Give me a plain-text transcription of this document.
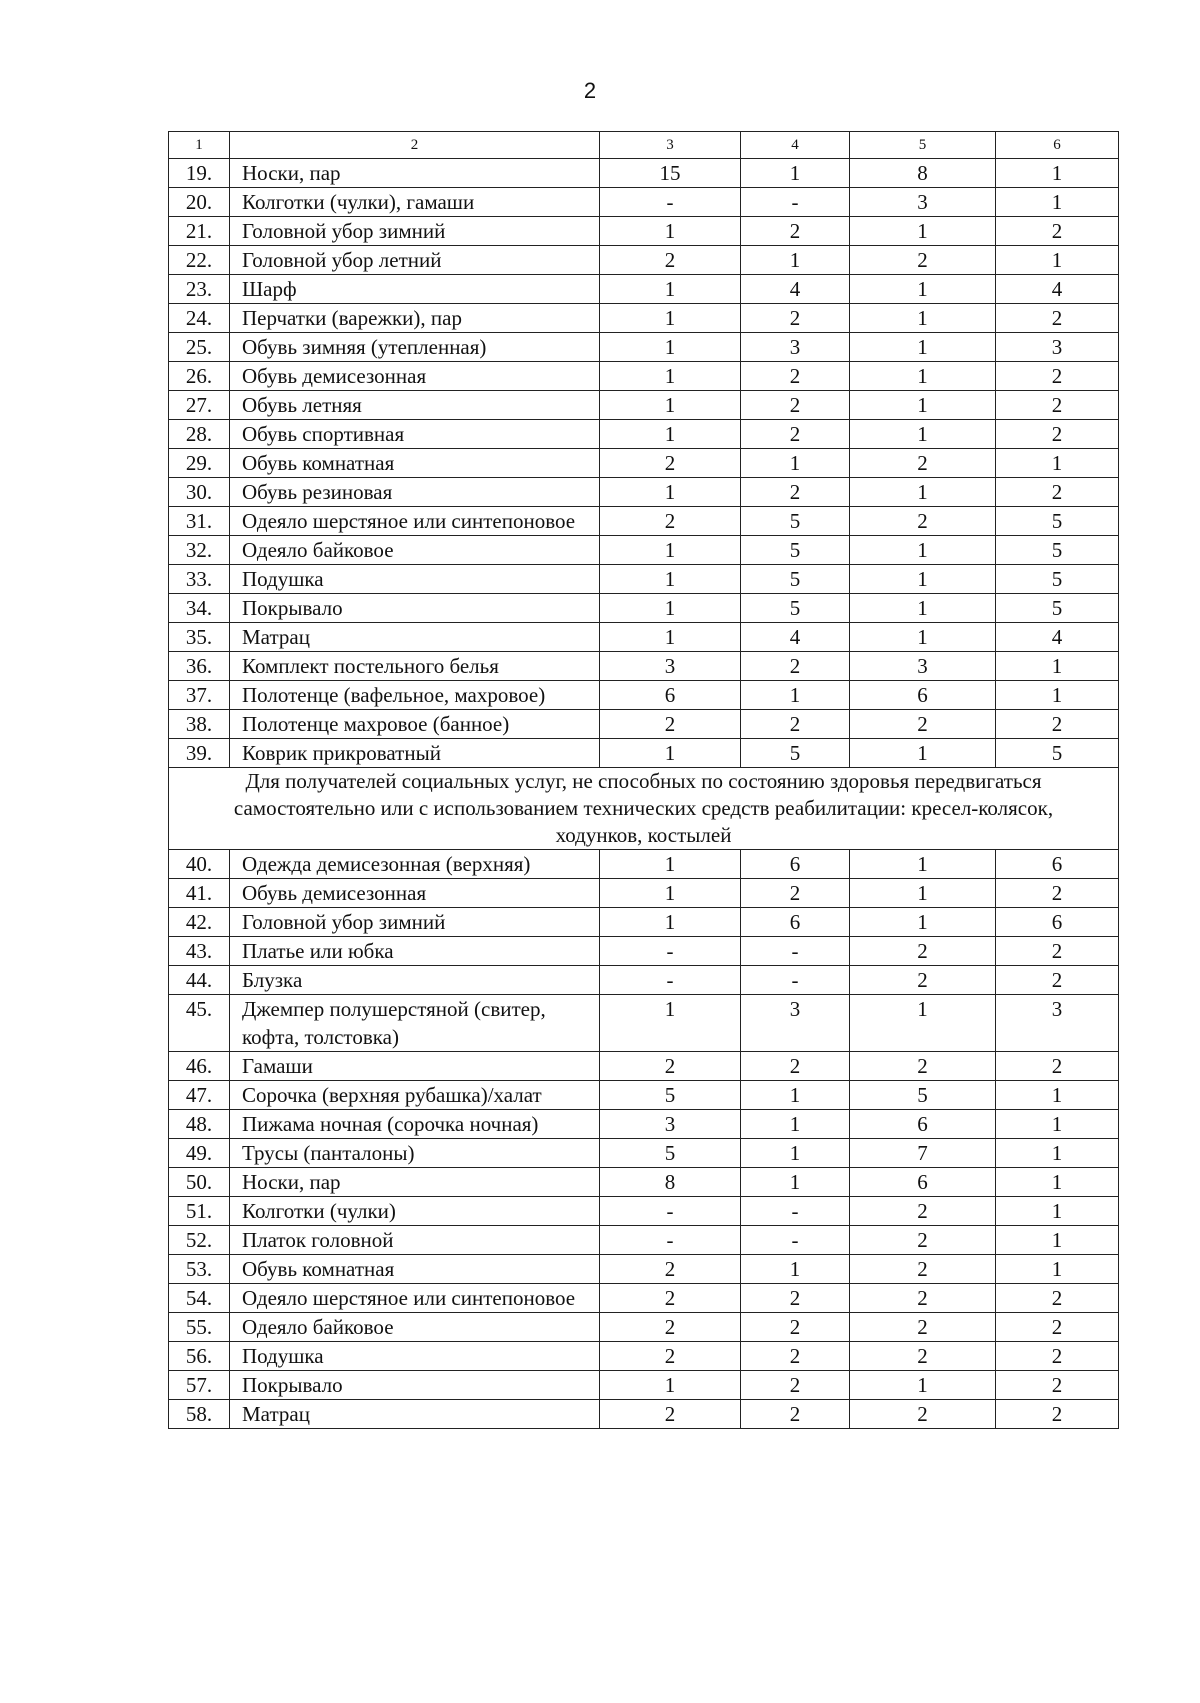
2
1	2	3	4	5	6
19.	Носки, пар	15	1	8	1
20.	Колготки (чулки), гамаши	-	-	3	1
21.	Головной убор зимний	1	2	1	2
22.	Головной убор летний	2	1	2	1
23.	Шарф	1	4	1	4
24.	Перчатки (варежки), пар	1	2	1	2
25.	Обувь зимняя (утепленная)	1	3	1	3
26.	Обувь демисезонная	1	2	1	2
27.	Обувь летняя	1	2	1	2
28.	Обувь спортивная	1	2	1	2
29.	Обувь комнатная	2	1	2	1
30.	Обувь резиновая	1	2	1	2
31.	Одеяло шерстяное или синтепоновое	2	5	2	5
32.	Одеяло байковое	1	5	1	5
33.	Подушка	1	5	1	5
34.	Покрывало	1	5	1	5
35.	Матрац	1	4	1	4
36.	Комплект постельного белья	3	2	3	1
37.	Полотенце (вафельное, махровое)	6	1	6	1
38.	Полотенце махровое (банное)	2	2	2	2
39.	Коврик прикроватный	1	5	1	5
Для получателей социальных услуг, не способных по состоянию здоровья передвигаться самостоятельно или с использованием технических средств реабилитации: кресел-колясок, ходунков, костылей					
40.	Одежда демисезонная (верхняя)	1	6	1	6
41.	Обувь демисезонная	1	2	1	2
42.	Головной убор зимний	1	6	1	6
43.	Платье или юбка	-	-	2	2
44.	Блузка	-	-	2	2
45.	Джемпер полушерстяной (свитер, кофта, толстовка)	1	3	1	3
46.	Гамаши	2	2	2	2
47.	Сорочка (верхняя рубашка)/халат	5	1	5	1
48.	Пижама ночная (сорочка ночная)	3	1	6	1
49.	Трусы (панталоны)	5	1	7	1
50.	Носки, пар	8	1	6	1
51.	Колготки (чулки)	-	-	2	1
52.	Платок головной	-	-	2	1
53.	Обувь комнатная	2	1	2	1
54.	Одеяло шерстяное или синтепоновое	2	2	2	2
55.	Одеяло байковое	2	2	2	2
56.	Подушка	2	2	2	2
57.	Покрывало	1	2	1	2
58.	Матрац	2	2	2	2
